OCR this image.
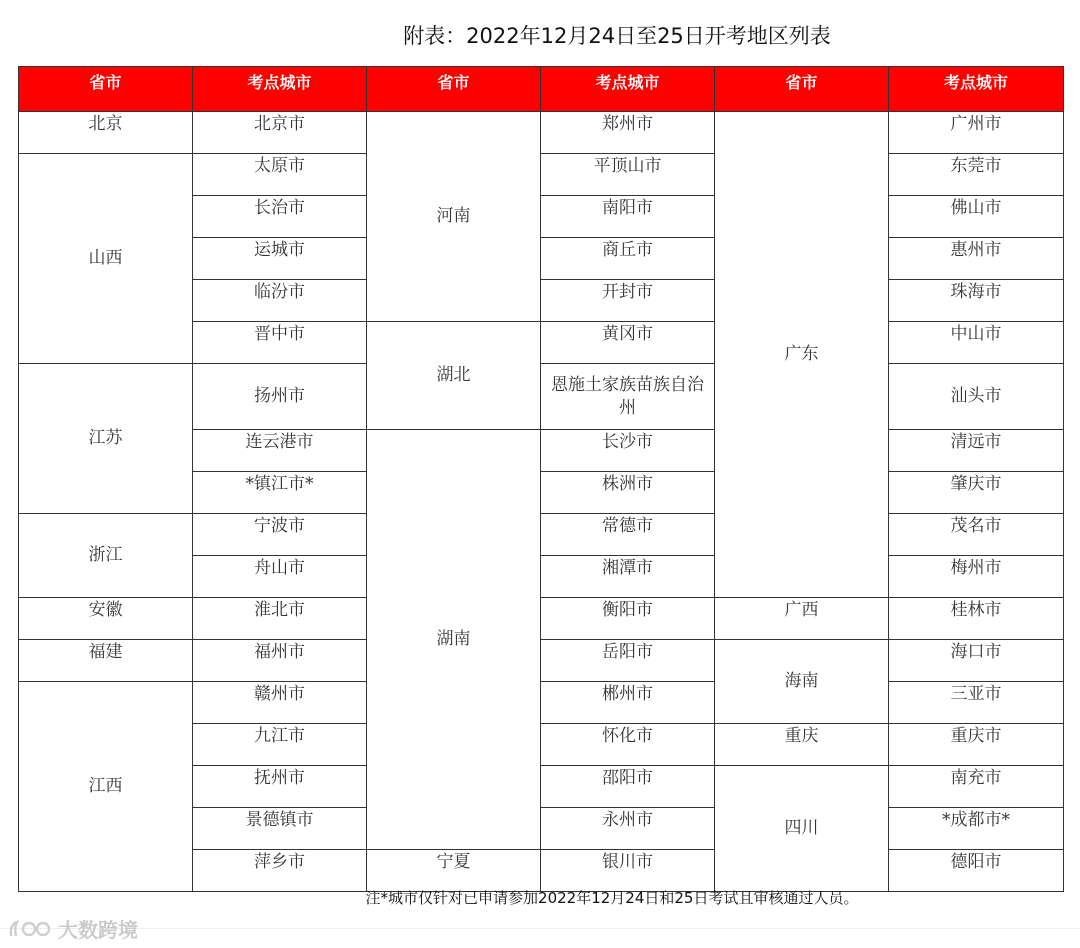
附表：2022年12月24日至25日开考地区列表
省市	考点城市	省市	考点城市	省市	考点城市
北京	北京市	河南	郑州市	广东	广州市
山西	太原市		平顶山市		东莞市
	长治市		南阳市		佛山市
	运城市		商丘市		惠州市
	临汾市		开封市		珠海市
	晋中市	湖北	黄冈市		中山市
江苏	扬州市		恩施土家族苗族自治州		汕头市
	连云港市	湖南	长沙市		清远市
	*镇江市*		株洲市		肇庆市
浙江	宁波市		常德市		茂名市
	舟山市		湘潭市		梅州市
安徽	淮北市		衡阳市	广西	桂林市
福建	福州市		岳阳市	海南	海口市
江西	赣州市		郴州市		三亚市
	九江市		怀化市	重庆	重庆市
	抚州市		邵阳市	四川	南充市
	景德镇市		永州市		*成都市*
	萍乡市	宁夏	银川市		德阳市
注*城市仅针对已申请参加2022年12月24日和25日考试且审核通过人员。
大数跨境
